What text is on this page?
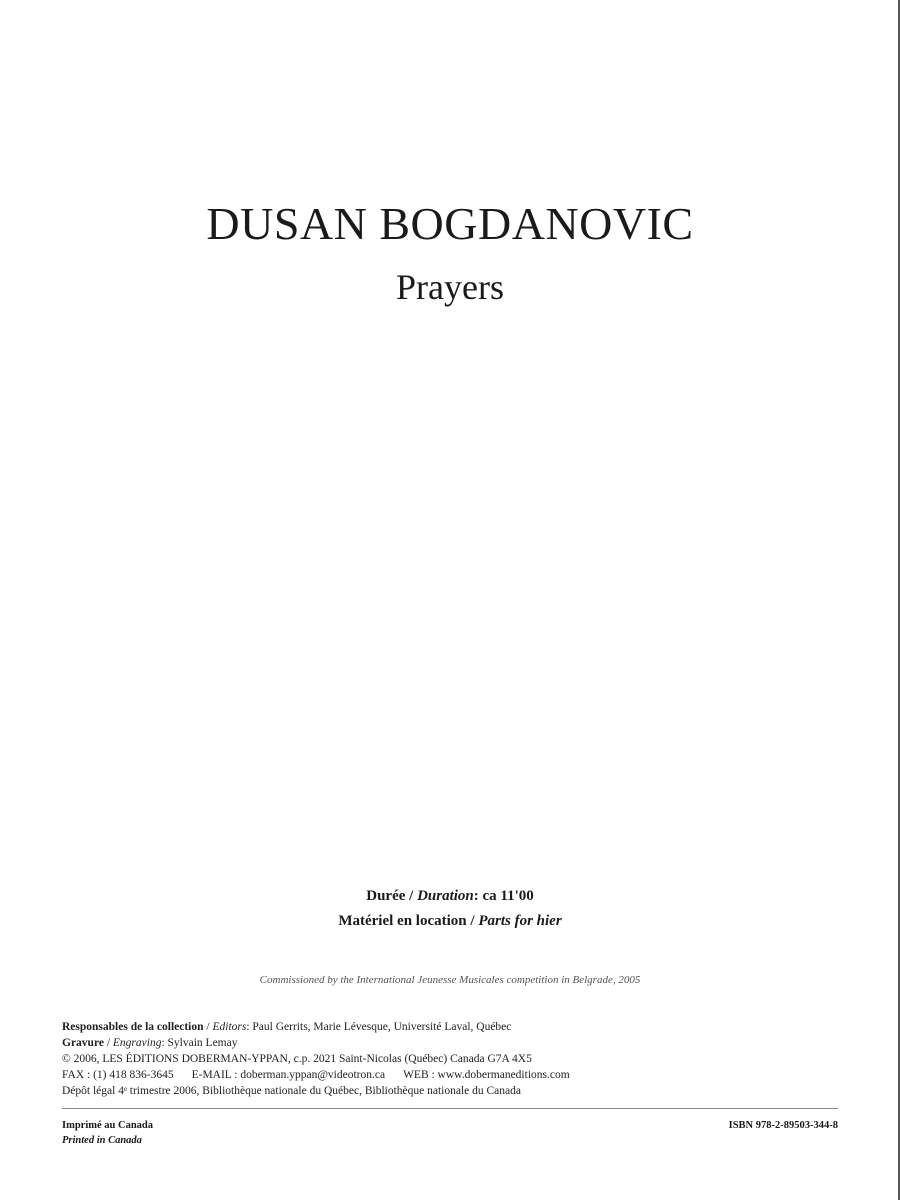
DUSAN BOGDANOVIC
Prayers
Durée / Duration: ca 11'00
Matériel en location / Parts for hier
Commissioned by the International Jeunesse Musicales competition in Belgrade, 2005
Responsables de la collection / Editors: Paul Gerrits, Marie Lévesque, Université Laval, Québec
Gravure / Engraving: Sylvain Lemay
© 2006, LES ÉDITIONS DOBERMAN-YPPAN, c.p. 2021 Saint-Nicolas (Québec) Canada G7A 4X5
FAX : (1) 418 836-3645 E-MAIL : doberman.yppan@videotron.ca WEB : www.dobermaneditions.com
Dépôt légal 4ᵉ trimestre 2006, Bibliothèque nationale du Québec, Bibliothèque nationale du Canada
Imprimé au Canada
Printed in Canada
ISBN 978-2-89503-344-8
